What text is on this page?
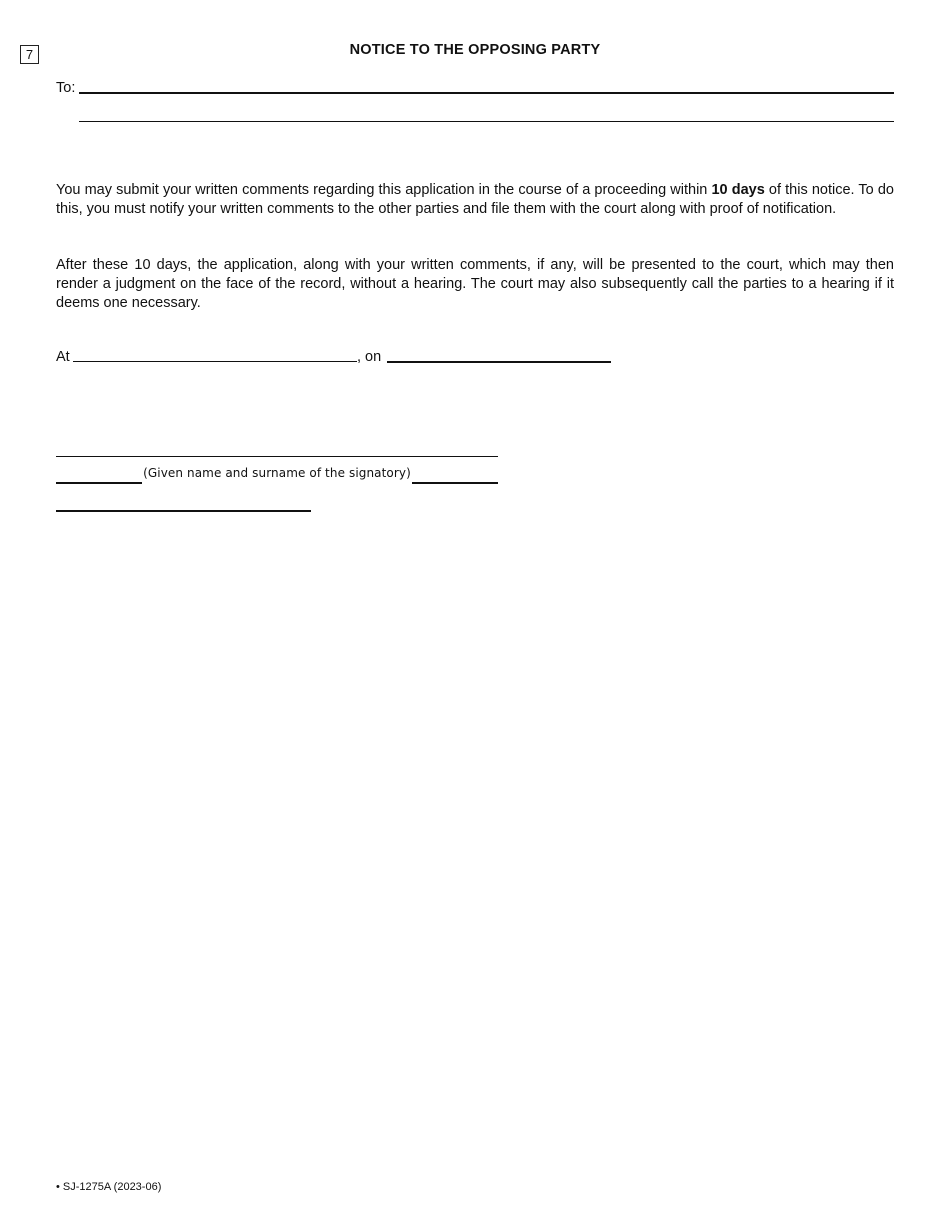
7	NOTICE TO THE OPPOSING PARTY
To:
You may submit your written comments regarding this application in the course of a proceeding within 10 days of this notice. To do this, you must notify your written comments to the other parties and file them with the court along with proof of notification.
After these 10 days, the application, along with your written comments, if any, will be presented to the court, which may then render a judgment on the face of the record, without a hearing. The court may also subsequently call the parties to a hearing if it deems one necessary.
At	, on
(Given name and surname of the signatory)
• SJ-1275A (2023-06)
